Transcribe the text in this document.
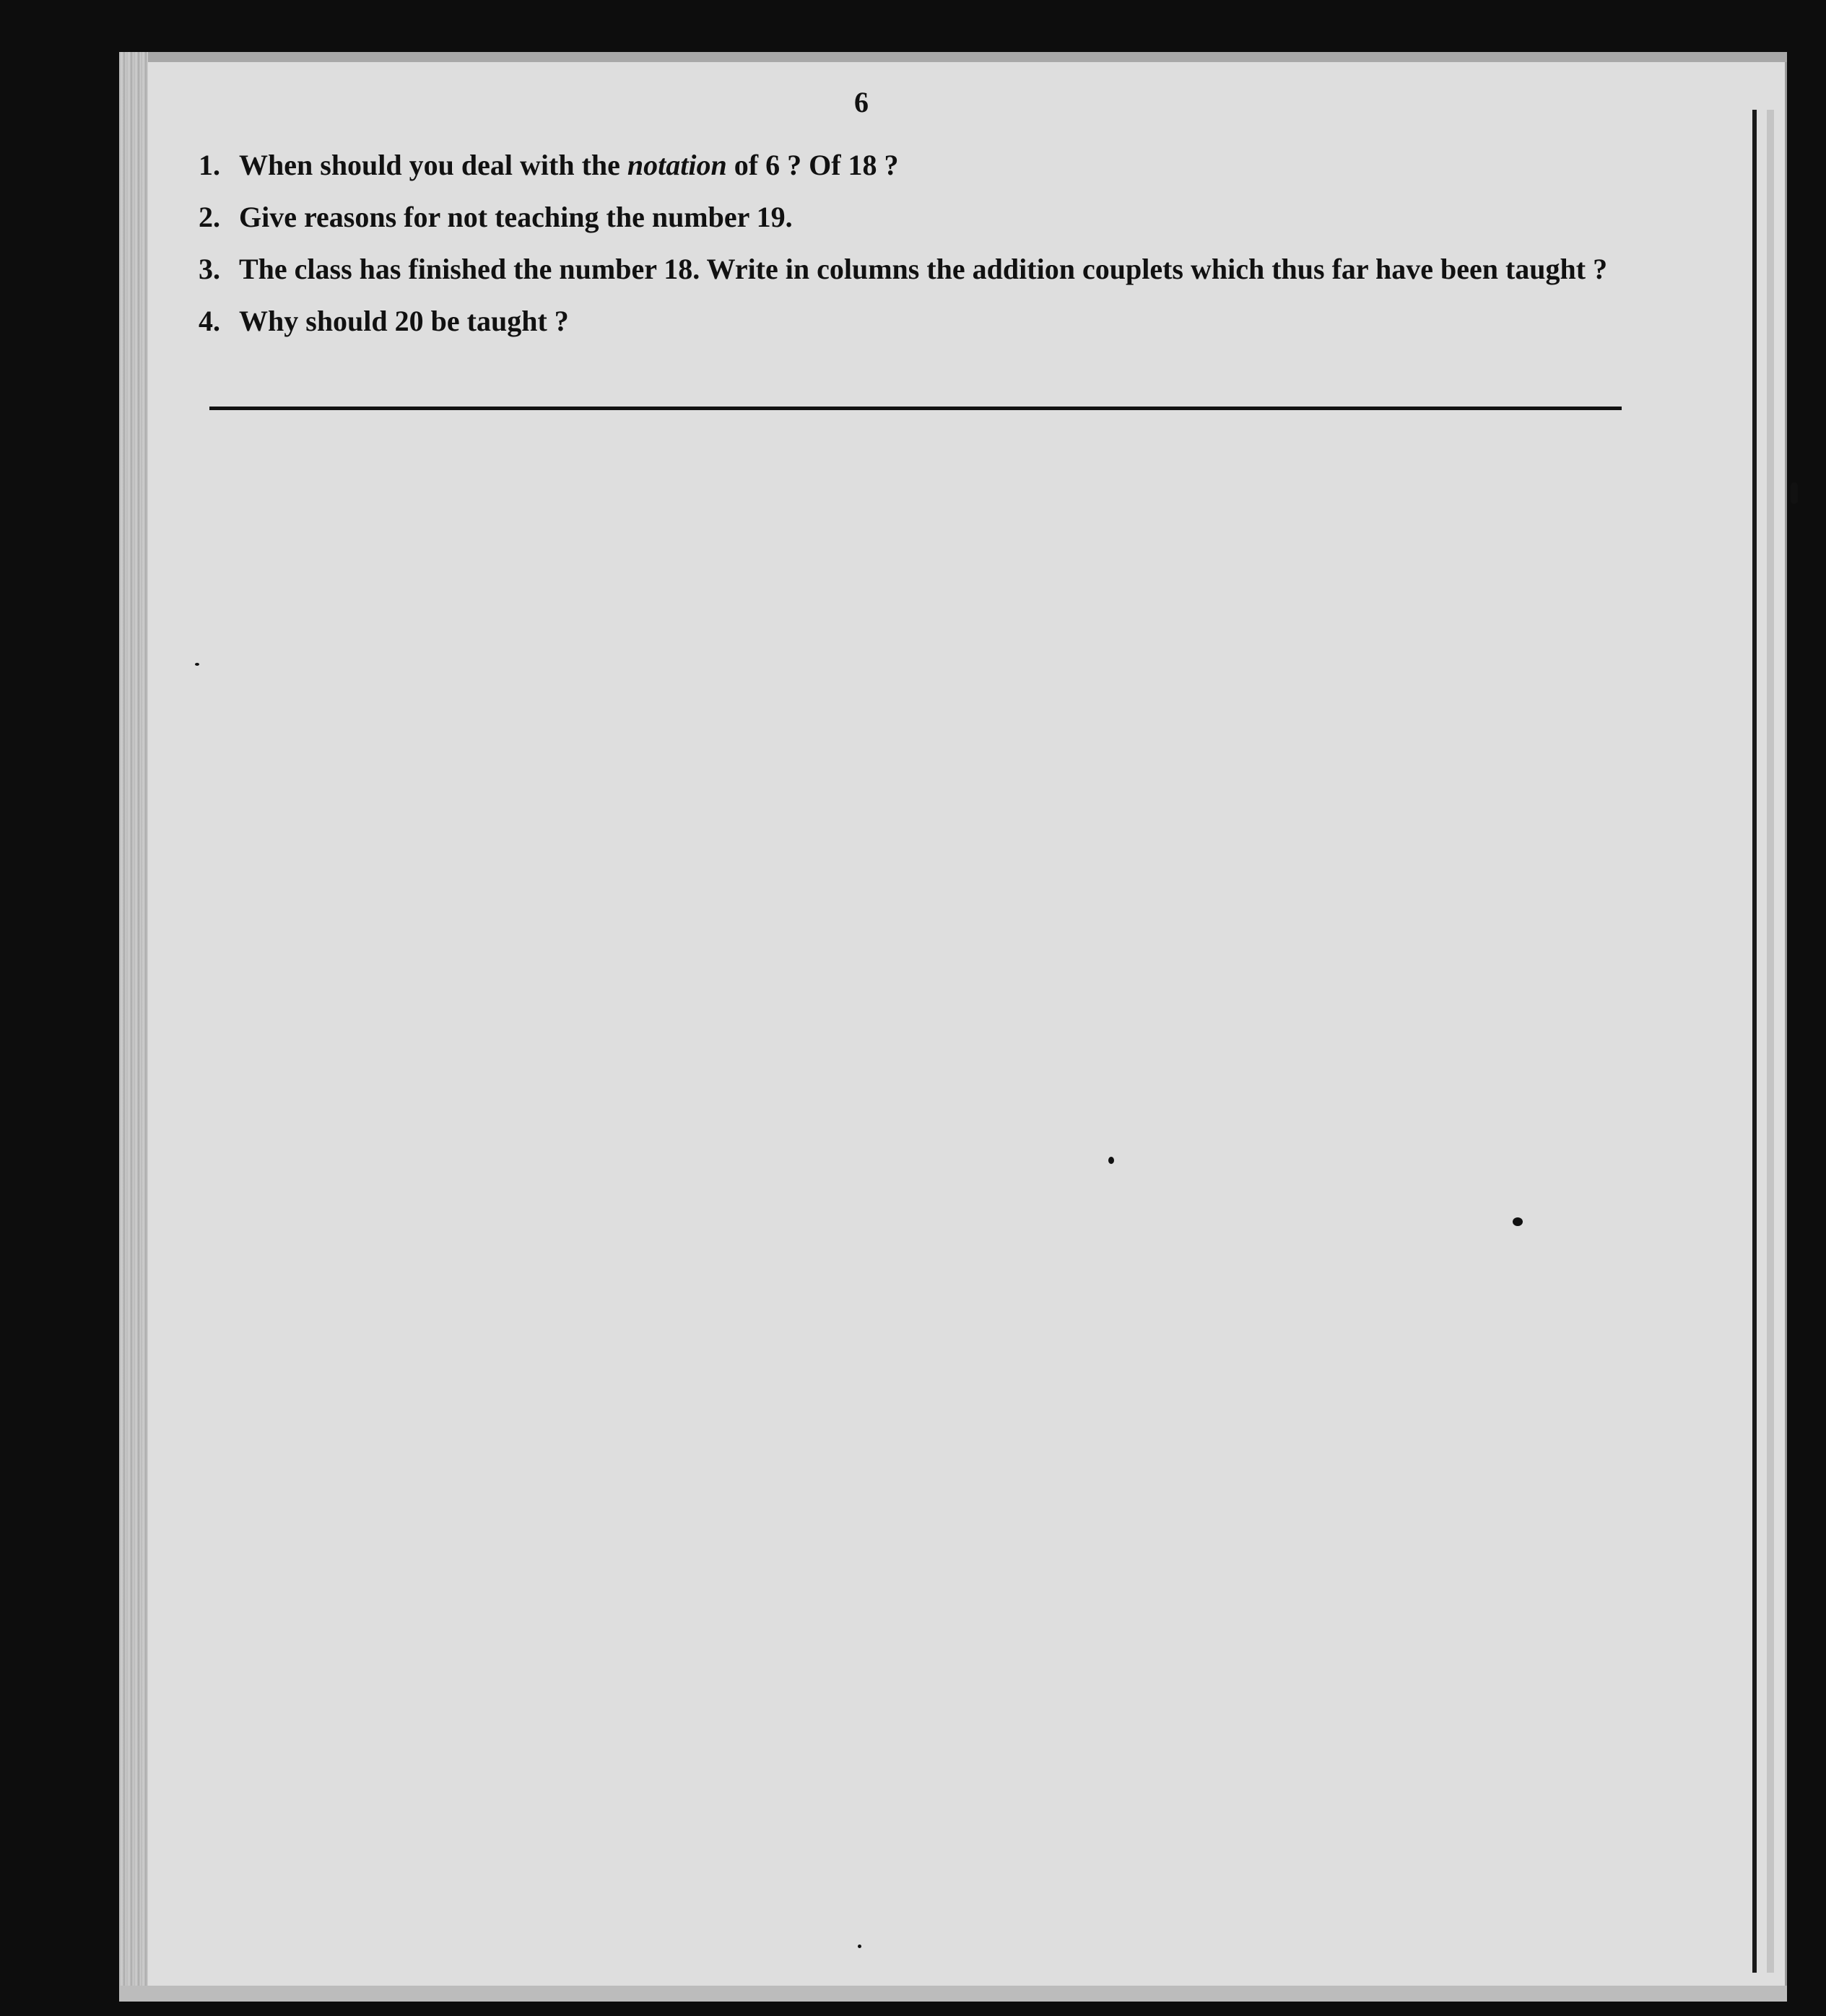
6
1. When should you deal with the notation of 6 ? Of 18 ?
2. Give reasons for not teaching the number 19.
3. The class has finished the number 18. Write in columns the addition couplets which thus far have been taught ?
4. Why should 20 be taught ?
